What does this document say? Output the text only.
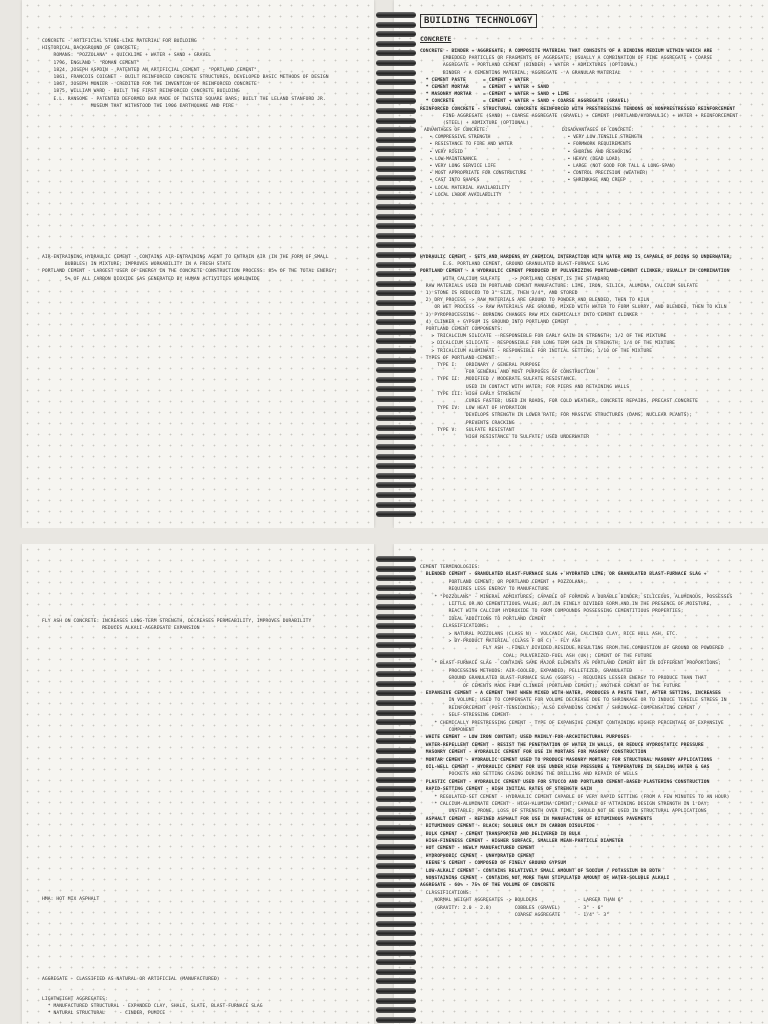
CONCRETE - ARTIFICIAL STONE-LIKE MATERIAL FOR BUILDING
HISTORICAL BACKGROUND OF CONCRETE:
ROMANS: "POZZOLANA" + QUICKLIME + WATER + SAND + GRAVEL
1796, ENGLAND - "ROMAN CEMENT"
1824, JOSEPH ASPDIN - PATENTED AN ARTIFICIAL CEMENT - "PORTLAND CEMENT"
1861, FRANCOIS COIGNET - BUILT REINFORCED CONCRETE STRUCTURES, DEVELOPED BASIC METHODS OF DESIGN
1867, JOSEPH MONIER - CREDITED FOR THE INVENTION OF REINFORCED CONCRETE
1875, WILLIAM WARD - BUILT THE FIRST REINFORCED CONCRETE BUILDING
E.L. RANSOME - PATENTED DEFORMED BAR MADE OF TWISTED SQUARE BARS; BUILT THE LELAND STANFORD JR.
MUSEUM THAT WITHSTOOD THE 1906 EARTHQUAKE AND FIRE
AIR-ENTRAINING HYDRAULIC CEMENT - CONTAINS AIR-ENTRAINING AGENT TO ENTRAIN AIR (IN THE FORM OF SMALL
BUBBLES) IN MIXTURE; IMPROVES WORKABILITY IN A FRESH STATE
PORTLAND CEMENT - LARGEST USER OF ENERGY IN THE CONCRETE CONSTRUCTION PROCESS: 85% OF THE TOTAL ENERGY;
5% OF ALL CARBON DIOXIDE GAS GENERATED BY HUMAN ACTIVITIES WORLDWIDE
BUILDING TECHNOLOGY
CONCRETE
CONCRETE - BINDER + AGGREGATE; A COMPOSITE MATERIAL THAT CONSISTS OF A BINDING MEDIUM WITHIN WHICH ARE
EMBEDDED PARTICLES OR FRAGMENTS OF AGGREGATE; USUALLY A COMBINATION OF FINE AGGREGATE + COARSE
AGGREGATE + PORTLAND CEMENT (BINDER) + WATER + ADMIXTURES (OPTIONAL)
BINDER - A CEMENTING MATERIAL; AGGREGATE - A GRANULAR MATERIAL
* CEMENT PASTE      = CEMENT + WATER
* CEMENT MORTAR     = CEMENT + WATER + SAND
* MASONRY MORTAR    = CEMENT + WATER + SAND + LIME
* CONCRETE          = CEMENT + WATER + SAND + COARSE AGGREGATE (GRAVEL)
REINFORCED CONCRETE - STRUCTURAL CONCRETE REINFORCED WITH PRESTRESSING TENDONS OR NONPRESTRESSED REINFORCEMENT
FINE AGGREGATE (SAND) + COARSE AGGREGATE (GRAVEL) + CEMENT (PORTLAND/HYDRAULIC) + WATER + REINFORCEMENT
(STEEL) + ADMIXTURE (OPTIONAL)
ADVANTAGES OF CONCRETE:
• COMPRESSIVE STRENGTH
• RESISTANCE TO FIRE AND WATER
• VERY RIGID
• LOW-MAINTENANCE
• VERY LONG SERVICE LIFE
• MOST APPROPRIATE FOR CONSTRUCTURE
• CAST INTO SHAPES
• LOCAL MATERIAL AVAILABILITY
• LOCAL LABOR AVAILABILITY
DISADVANTAGES OF CONCRETE:
• VERY LOW TENSILE STRENGTH
• FORMWORK REQUIREMENTS
• SHORING AND RESHORING
• HEAVY (DEAD LOAD)
• LARGE (NOT GOOD FOR TALL & LONG-SPAN)
• CONTROL PRECISION (WEATHER)
• SHRINKAGE AND CREEP
HYDRAULIC CEMENT - SETS AND HARDENS BY CHEMICAL INTERACTION WITH WATER AND IS CAPABLE OF DOING SO UNDERWATER;
E.G. PORTLAND CEMENT, GROUND GRANULATED BLAST-FURNACE SLAG
PORTLAND CEMENT - A HYDRAULIC CEMENT PRODUCED BY PULVERIZING PORTLAND-CEMENT CLINKER, USUALLY IN COMBINATION
WITH CALCIUM SULFATE    -> PORTLAND CEMENT IS THE STANDARD
RAW MATERIALS USED IN PORTLAND CEMENT MANUFACTURE: LIME, IRON, SILICA, ALUMINA, CALCIUM SULFATE
1) STONE IS REDUCED TO 3" SIZE, THEN 3/4", AND STORED
2) DRY PROCESS -> RAW MATERIALS ARE GROUND TO POWDER AND BLENDED, THEN TO KILN
OR WET PROCESS -> RAW MATERIALS ARE GROUND, MIXED WITH WATER TO FORM SLURRY, AND BLENDED, THEN TO KILN
3) PYROPROCESSING - BURNING CHANGES RAW MIX CHEMICALLY INTO CEMENT CLINKER
4) CLINKER + GYPSUM IS GROUND INTO PORTLAND CEMENT
PORTLAND CEMENT COMPONENTS:
> TRICALCIUM SILICATE - RESPONSIBLE FOR EARLY GAIN IN STRENGTH; 1/2 OF THE MIXTURE
> DICALCIUM SILICATE - RESPONSIBLE FOR LONG TERM GAIN IN STRENGTH; 1/4 OF THE MIXTURE
> TRICALCIUM ALUMINATE - RESPONSIBLE FOR INITIAL SETTING; 1/10 OF THE MIXTURE
TYPES OF PORTLAND CEMENT:
TYPE I:   ORDINARY / GENERAL PURPOSE
FOR GENERAL AND MOST PURPOSES OF CONSTRUCTION
TYPE II:  MODIFIED / MODERATE SULFATE RESISTANCE
USED IN CONTACT WITH WATER; FOR PIERS AND RETAINING WALLS
TYPE III: HIGH EARLY STRENGTH
CURES FASTER; USED IN ROADS, FOR COLD WEATHER, CONCRETE REPAIRS, PRECAST CONCRETE
TYPE IV:  LOW HEAT OF HYDRATION
DEVELOPS STRENGTH IN LOWER RATE; FOR MASSIVE STRUCTURES (DAMS, NUCLEAR PLANTS);
PREVENTS CRACKING
TYPE V:   SULFATE RESISTANT
HIGH RESISTANCE TO SULFATE; USED UNDERWATER
FLY ASH ON CONCRETE: INCREASES LONG-TERM STRENGTH, DECREASES PERMEABILITY, IMPROVES DURABILITY
REDUCES ALKALI-AGGREGATE EXPANSION
HMA: HOT MIX ASPHALT
AGGREGATE - CLASSIFIED AS NATURAL OR ARTIFICIAL (MANUFACTURED)
LIGHTWEIGHT AGGREGATES:
* MANUFACTURED STRUCTURAL - EXPANDED CLAY, SHALE, SLATE, BLAST-FURNACE SLAG
* NATURAL STRUCTURAL     - CINDER, PUMICE
CEMENT TERMINOLOGIES:
BLENDED CEMENT - GRANULATED BLAST-FURNACE SLAG + HYDRATED LIME; OR GRANULATED BLAST-FURNACE SLAG +
PORTLAND CEMENT; OR PORTLAND CEMENT + POZZOLANA;
REQUIRES LESS ENERGY TO MANUFACTURE
* "POZZOLANS" - MINERAL ADMIXTURES; CAPABLE OF FORMING A DURABLE BINDER; SILICEOUS, ALUMINOUS, POSSESSES
LITTLE OR NO CEMENTITIOUS VALUE; BUT IN FINELY DIVIDED FORM AND IN THE PRESENCE OF MOISTURE,
REACT WITH CALCIUM HYDROXIDE TO FORM COMPOUNDS POSSESSING CEMENTITIOUS PROPERTIES;
IDEAL ADDITIONS TO PORTLAND CEMENT
CLASSIFICATIONS:
> NATURAL POZZOLANS (CLASS N) - VOLCANIC ASH, CALCINED CLAY, RICE HULL ASH, ETC.
> BY-PRODUCT MATERIAL (CLASS F OR C) - FLY ASH
FLY ASH - FINELY DIVIDED RESIDUE RESULTING FROM THE COMBUSTION OF GROUND OR POWDERED
COAL; PULVERIZED-FUEL ASH (UK); CEMENT OF THE FUTURE
* BLAST-FURNACE SLAG - CONTAINS SAME MAJOR ELEMENTS AS PORTLAND CEMENT BUT IN DIFFERENT PROPORTIONS;
PROCESSING METHODS: AIR-COOLED, EXPANDED, PELLETIZED, GRANULATED
GROUND GRANULATED BLAST-FURNACE SLAG (GGBFS) - REQUIRES LESSER ENERGY TO PRODUCE THAN THAT
OF CEMENTS MADE FROM CLINKER (PORTLAND CEMENT); ANOTHER CEMENT OF THE FUTURE
EXPANSIVE CEMENT - A CEMENT THAT WHEN MIXED WITH WATER, PRODUCES A PASTE THAT, AFTER SETTING, INCREASES
IN VOLUME; USED TO COMPENSATE FOR VOLUME DECREASE DUE TO SHRINKAGE OR TO INDUCE TENSILE STRESS IN
REINFORCEMENT (POST-TENSIONING); ALSO EXPANDING CEMENT / SHRINKAGE-COMPENSATING CEMENT /
SELF-STRESSING CEMENT
* CHEMICALLY PRESTRESSING CEMENT - TYPE OF EXPANSIVE CEMENT CONTAINING HIGHER PERCENTAGE OF EXPANSIVE
COMPONENT
WHITE CEMENT - LOW IRON CONTENT; USED MAINLY FOR ARCHITECTURAL PURPOSES
WATER-REPELLENT CEMENT - RESIST THE PENETRATION OF WATER IN WALLS, OR REDUCE HYDROSTATIC PRESSURE
MASONRY CEMENT - HYDRAULIC CEMENT FOR USE IN MORTARS FOR MASONRY CONSTRUCTION
MORTAR CEMENT - HYDRAULIC CEMENT USED TO PRODUCE MASONRY MORTAR; FOR STRUCTURAL MASONRY APPLICATIONS
OIL-WELL CEMENT - HYDRAULIC CEMENT FOR USE UNDER HIGH PRESSURE & TEMPERATURE IN SEALING WATER & GAS
POCKETS AND SETTING CASING DURING THE DRILLING AND REPAIR OF WELLS
PLASTIC CEMENT - HYDRAULIC CEMENT USED FOR STUCCO AND PORTLAND CEMENT-BASED PLASTERING CONSTRUCTION
RAPID-SETTING CEMENT - HIGH INITIAL RATES OF STRENGTH GAIN
* REGULATED-SET CEMENT - HYDRAULIC CEMENT CAPABLE OF VERY RAPID SETTING (FROM A FEW MINUTES TO AN HOUR)
* CALCIUM-ALUMINATE CEMENT - HIGH-ALUMINA CEMENT; CAPABLE OF ATTAINING DESIGN STRENGTH IN 1 DAY;
UNSTABLE; PRONE, LOSS OF STRENGTH OVER TIME; SHOULD NOT BE USED IN STRUCTURAL APPLICATIONS
ASPHALT CEMENT - REFINED ASPHALT FOR USE IN MANUFACTURE OF BITUMINOUS PAVEMENTS
BITUMINOUS CEMENT - BLACK; SOLUBLE ONLY IN CARBON DISULFIDE
BULK CEMENT - CEMENT TRANSPORTED AND DELIVERED IN BULK
HIGH-FINENESS CEMENT - HIGHER SURFACE, SMALLER MEAN-PARTICLE DIAMETER
HOT CEMENT - NEWLY MANUFACTURED CEMENT
HYDROPHOBIC CEMENT - UNHYDRATED CEMENT
KEENE'S CEMENT - COMPOSED OF FINELY GROUND GYPSUM
LOW-ALKALI CEMENT - CONTAINS RELATIVELY SMALL AMOUNT OF SODIUM / POTASSIUM OR BOTH
NONSTAINING CEMENT - CONTAINS NOT MORE THAN STIPULATED AMOUNT OF WATER-SOLUBLE ALKALI
AGGREGATE - 60% - 75% OF THE VOLUME OF CONCRETE
CLASSIFICATIONS:
NORMAL WEIGHT AGGREGATES -> BOULDERS              - LARGER THAN 6"
(GRAVITY: 2.0 - 2.8)        COBBLES (GRAVEL)      - 3" - 6"
COARSE AGGREGATE      - 1/4" - 3"
